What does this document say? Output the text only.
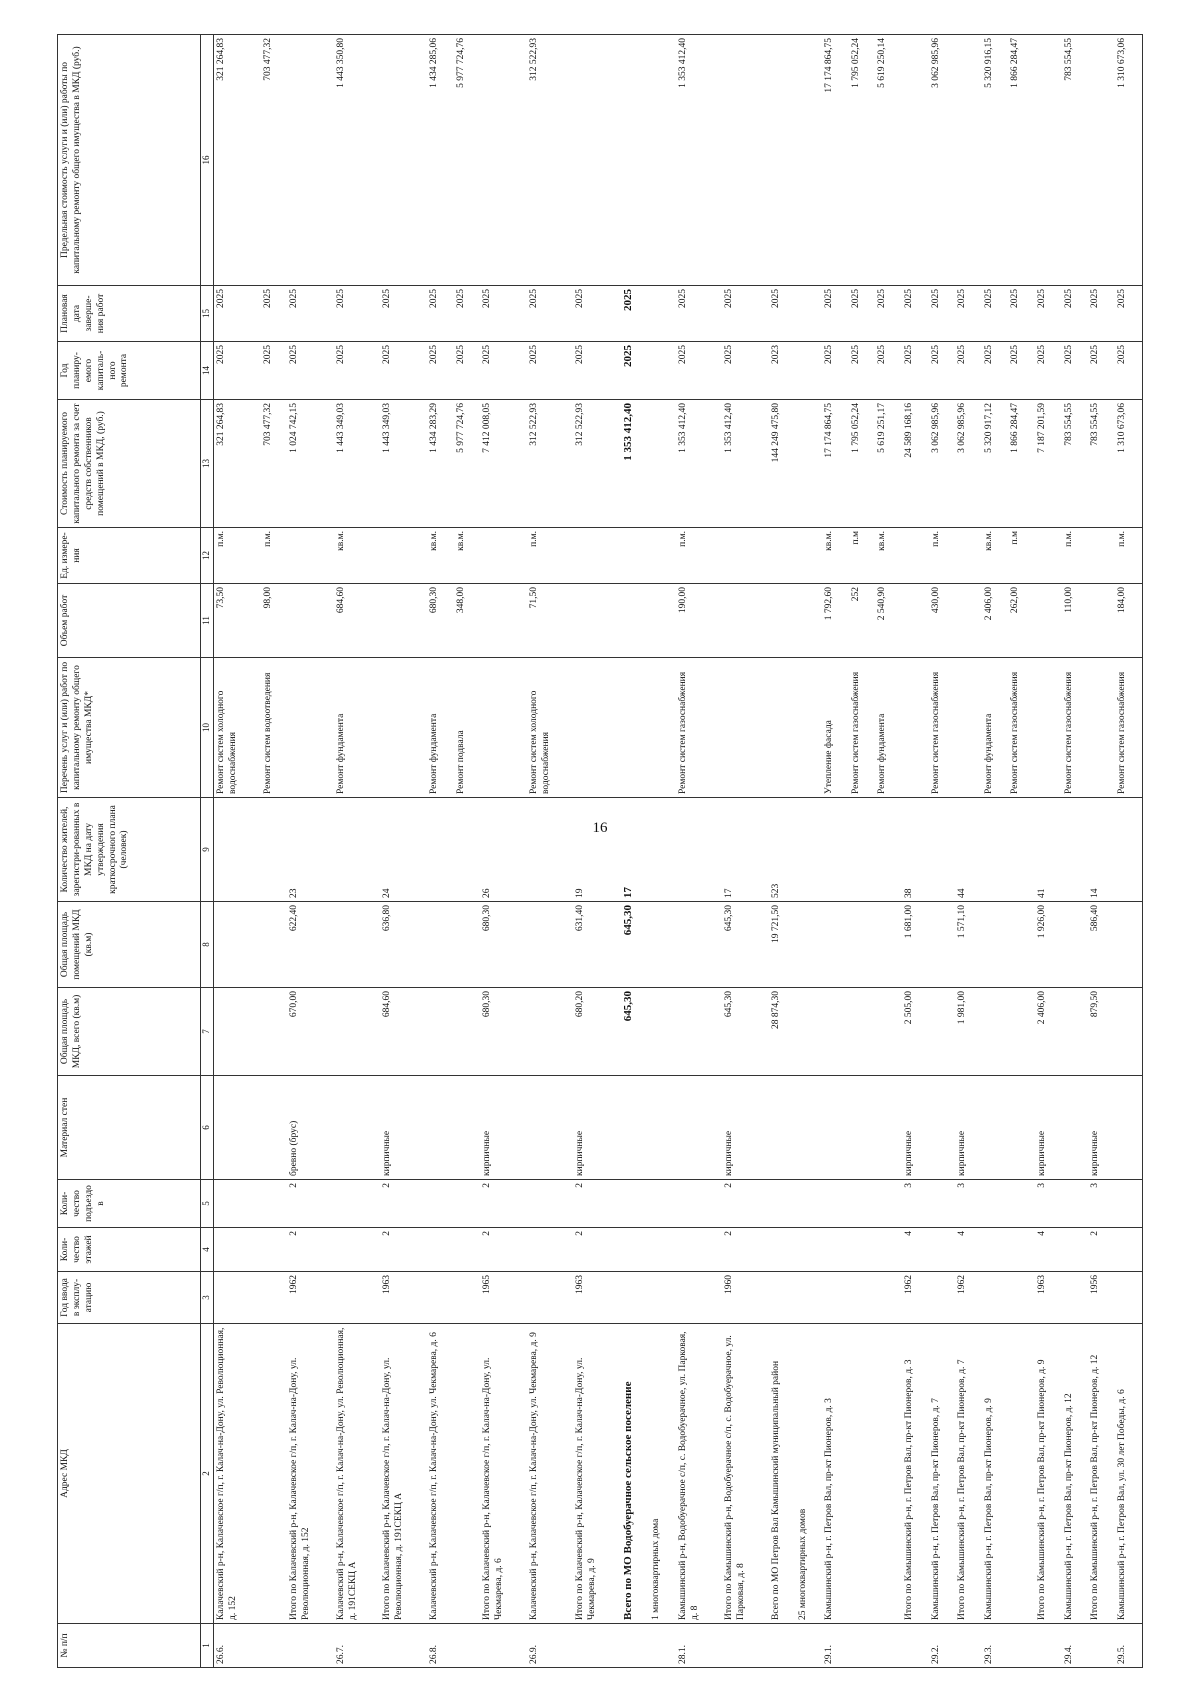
16
№ п/п	Адрес МКД	Год ввода в эксплу-атацию	Коли-чество этажей	Коли-чество подъездо в	Материал стен	Общая площадь МКД, всего (кв.м)	Общая площадь помещений МКД (кв.м)	Количество жителей, зарегистри-рованных в МКД на дату утверждения краткосрочного плана (человек)	Перечень услуг и (или) работ по капитальному ремонту общего имущества МКД*	Объем работ	Ед. измере-ния	Стоимость планируемого капитального ремонта за счет средств собственников помещений в МКД, (руб.)	Год планиру-емого капиталь-ного ремонта	Плановая дата заверше-ния работ	Предельная стоимость услуги и (или) работы по капитальному ремонту общего имущества в МКД (руб.)
1	2	3	4	5	6	7	8	9	10	11	12	13	14	15	16
26.6.	Калачевский р-н, Калачевское г/п, г. Калач-на-Дону, ул. Революционная, д. 152								Ремонт систем холодного водоснабжения	73,50	п.м.	321 264,83	2025	2025	321 264,83
									Ремонт систем водоотведения	98,00	п.м.	703 477,32	2025	2025	703 477,32
	Итого по Калачевский р-н, Калачевское г/п, г. Калач-на-Дону, ул. Революционная, д. 152	1962	2	2	бревно (брус)	670,00	622,40	23				1 024 742,15	2025	2025	
26.7.	Калачевский р-н, Калачевское г/п, г. Калач-на-Дону, ул. Революционная, д. 191СЕКЦ А								Ремонт фундамента	684,60	кв.м.	1 443 349,03	2025	2025	1 443 350,80
	Итого по Калачевский р-н, Калачевское г/п, г. Калач-на-Дону, ул. Революционная, д. 191СЕКЦ А	1963	2	2	кирпичные	684,60	636,80	24				1 443 349,03	2025	2025	
26.8.	Калачевский р-н, Калачевское г/п, г. Калач-на-Дону, ул. Чекмарева, д. 6								Ремонт фундамента	680,30	кв.м.	1 434 283,29	2025	2025	1 434 285,06
									Ремонт подвала	348,00	кв.м.	5 977 724,76	2025	2025	5 977 724,76
	Итого по Калачевский р-н, Калачевское г/п, г. Калач-на-Дону, ул. Чекмарева, д. 6	1965	2	2	кирпичные	680,30	680,30	26				7 412 008,05	2025	2025	
26.9.	Калачевский р-н, Калачевское г/п, г. Калач-на-Дону, ул. Чекмарева, д. 9								Ремонт систем холодного водоснабжения	71,50	п.м.	312 522,93	2025	2025	312 522,93
	Итого по Калачевский р-н, Калачевское г/п, г. Калач-на-Дону, ул. Чекмарева, д. 9	1963	2	2	кирпичные	680,20	631,40	19				312 522,93	2025	2025	
	Всего по МО Водобуерачное сельское поселение					645,30	645,30	17				1 353 412,40	2025	2025	
	1 многоквартирных дома														
28.1.	Камышинский р-н, Водобуерачное с/п, с. Водобуерачное, ул. Парковая, д. 8								Ремонт систем газоснабжения	190,00	п.м.	1 353 412,40	2025	2025	1 353 412,40
	Итого по Камышинский р-н, Водобуерачное с/п, с. Водобуерачное, ул. Парковая, д. 8	1960	2	2	кирпичные	645,30	645,30	17				1 353 412,40	2025	2025	
	Всего по МО Петров Вал Камышинский муниципальный район					28 874,30	19 721,50	523				144 249 475,80	2023	2025	
	25 многоквартирных домов														
29.1.	Камышинский р-н, г. Петров Вал, пр-кт Пионеров, д. 3								Утепление фасада	1 792,60	кв.м.	17 174 864,75	2025	2025	17 174 864,75
									Ремонт систем газоснабжения	252	п.м	1 795 052,24	2025	2025	1 795 052,24
									Ремонт фундамента	2 540,90	кв.м.	5 619 251,17	2025	2025	5 619 250,14
	Итого по Камышинский р-н, г. Петров Вал, пр-кт Пионеров, д. 3	1962	4	3	кирпичные	2 505,00	1 681,00	38				24 589 168,16	2025	2025	
29.2.	Камышинский р-н, г. Петров Вал, пр-кт Пионеров, д. 7								Ремонт систем газоснабжения	430,00	п.м.	3 062 985,96	2025	2025	3 062 985,96
	Итого по Камышинский р-н, г. Петров Вал, пр-кт Пионеров, д. 7	1962	4	3	кирпичные	1 981,00	1 571,10	44				3 062 985,96	2025	2025	
29.3.	Камышинский р-н, г. Петров Вал, пр-кт Пионеров, д. 9								Ремонт фундамента	2 406,00	кв.м.	5 320 917,12	2025	2025	5 320 916,15
									Ремонт систем газоснабжения	262,00	п.м	1 866 284,47	2025	2025	1 866 284,47
	Итого по Камышинский р-н, г. Петров Вал, пр-кт Пионеров, д. 9	1963	4	3	кирпичные	2 406,00	1 926,00	41				7 187 201,59	2025	2025	
29.4.	Камышинский р-н, г. Петров Вал, пр-кт Пионеров, д. 12								Ремонт систем газоснабжения	110,00	п.м.	783 554,55	2025	2025	783 554,55
	Итого по Камышинский р-н, г. Петров Вал, пр-кт Пионеров, д. 12	1956	2	3	кирпичные	879,50	586,40	14				783 554,55	2025	2025	
29.5.	Камышинский р-н, г. Петров Вал, ул. 30 лет Победы, д. 6								Ремонт систем газоснабжения	184,00	п.м.	1 310 673,06	2025	2025	1 310 673,06
